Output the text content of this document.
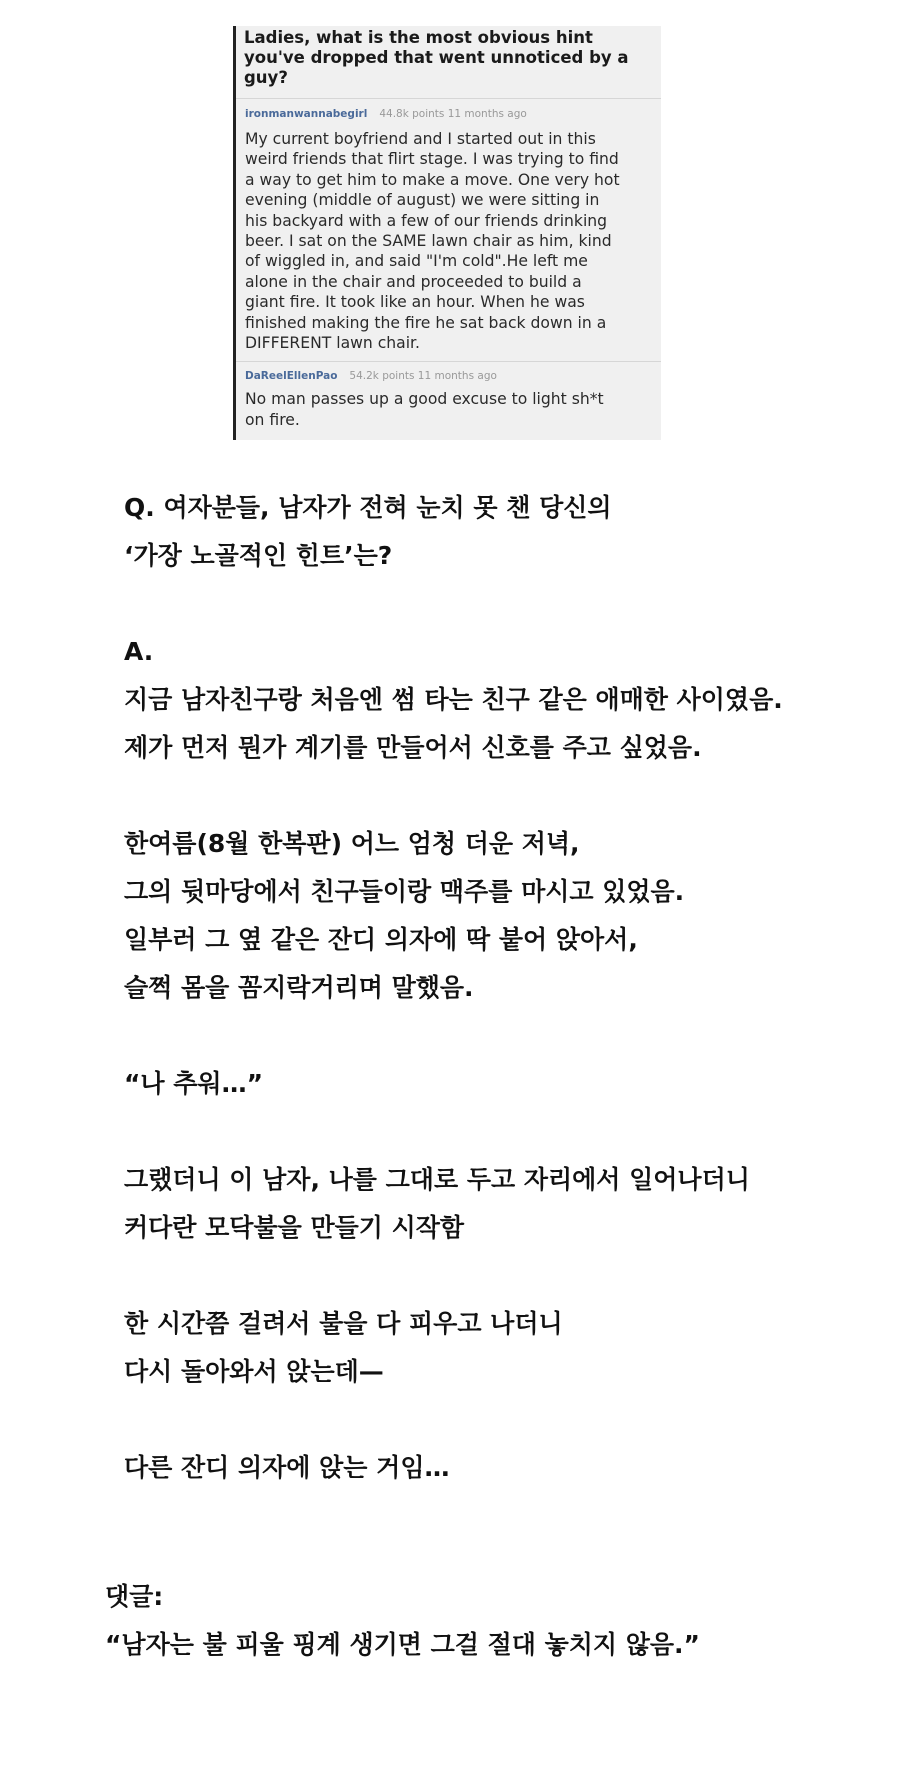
Ladies, what is the most obvious hint you've dropped that went unnoticed by a guy?
ironmanwannabegirl 44.8k points 11 months ago
My current boyfriend and I started out in this
weird friends that flirt stage. I was trying to find
a way to get him to make a move. One very hot
evening (middle of august) we were sitting in
his backyard with a few of our friends drinking
beer. I sat on the SAME lawn chair as him, kind
of wiggled in, and said "I'm cold".He left me
alone in the chair and proceeded to build a
giant fire. It took like an hour. When he was
finished making the fire he sat back down in a
DIFFERENT lawn chair.
DaReelEllenPao 54.2k points 11 months ago
No man passes up a good excuse to light sh*t
on fire.

Q. 여자분들, 남자가 전혀 눈치 못 챈 당신의

‘가장 노골적인 힌트’는?

A.

지금 남자친구랑 처음엔 썸 타는 친구 같은 애매한 사이였음.

제가 먼저 뭔가 계기를 만들어서 신호를 주고 싶었음.

한여름(8월 한복판) 어느 엄청 더운 저녁,

그의 뒷마당에서 친구들이랑 맥주를 마시고 있었음.

일부러 그 옆 같은 잔디 의자에 딱 붙어 앉아서,

슬쩍 몸을 꼼지락거리며 말했음.

“나 추워…”

그랬더니 이 남자, 나를 그대로 두고 자리에서 일어나더니

커다란 모닥불을 만들기 시작함

한 시간쯤 걸려서 불을 다 피우고 나더니

다시 돌아와서 앉는데—

다른 잔디 의자에 앉는 거임…

댓글:

“남자는 불 피울 핑계 생기면 그걸 절대 놓치지 않음.”
